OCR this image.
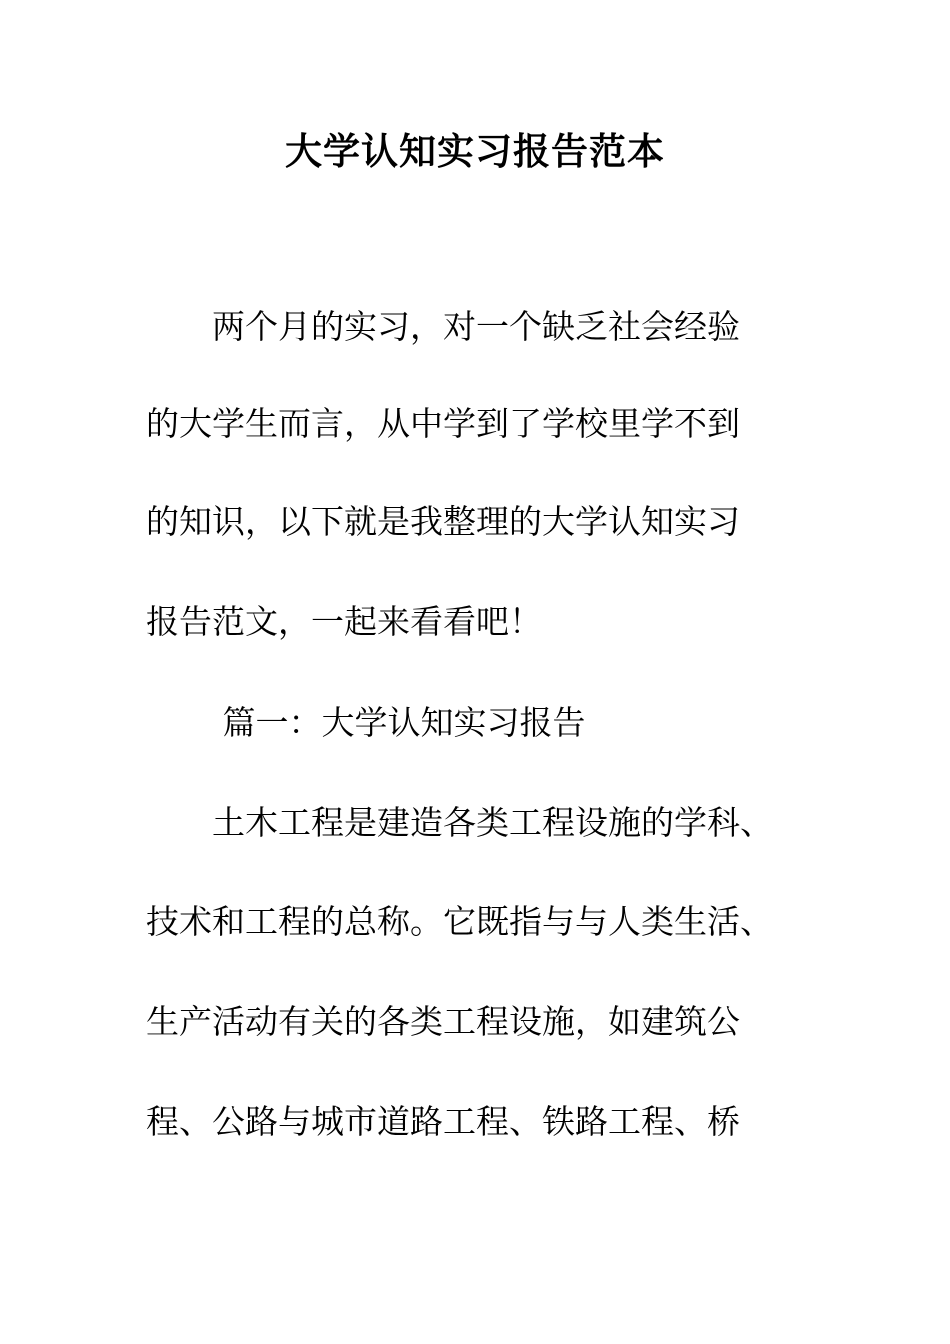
大学认知实习报告范本
　　两个月的实习，对一个缺乏社会经验
的大学生而言，从中学到了学校里学不到
的知识，以下就是我整理的大学认知实习
报告范文，一起来看看吧！
　　 篇一：大学认知实习报告
　　土木工程是建造各类工程设施的学科、
技术和工程的总称。它既指与与人类生活、
生产活动有关的各类工程设施，如建筑公
程、公路与城市道路工程、铁路工程、桥
